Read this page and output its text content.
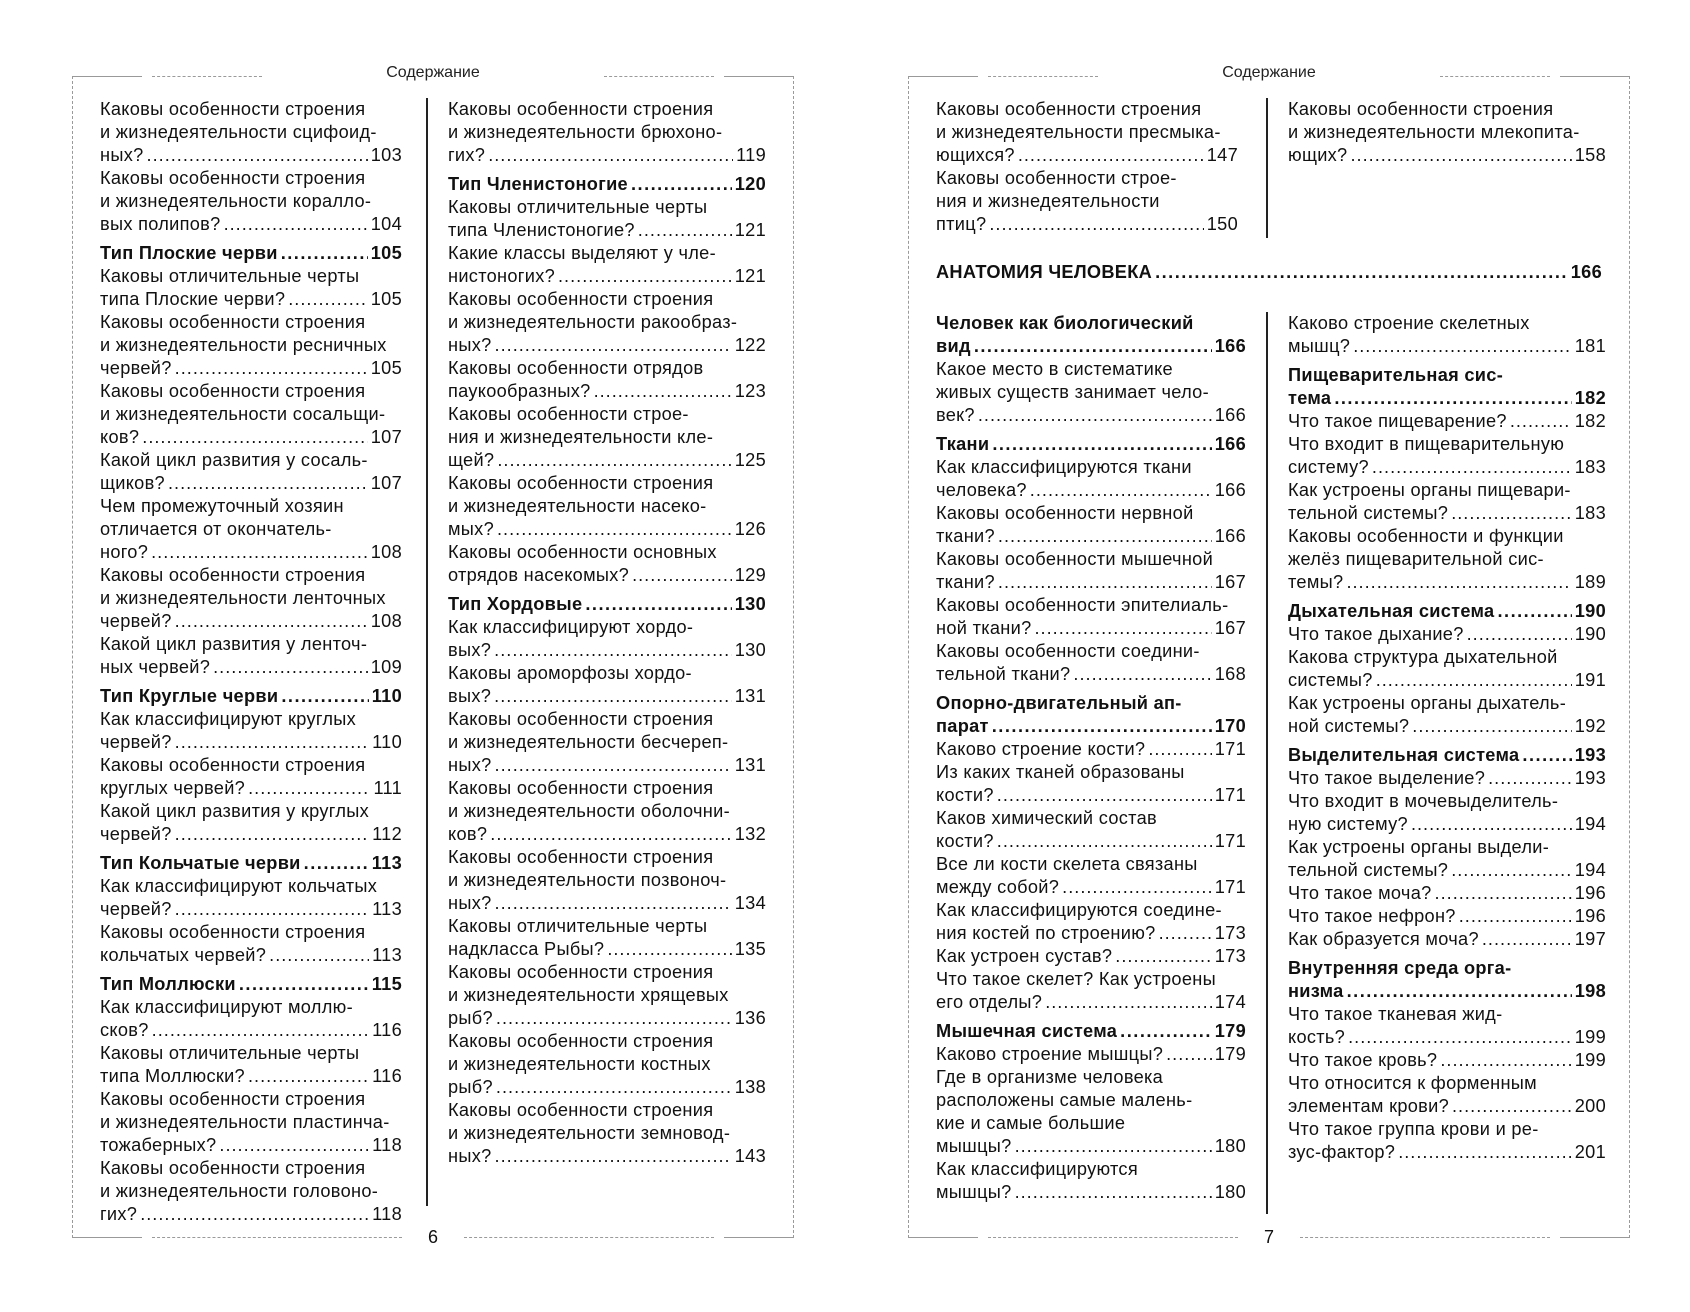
Содержание
6
Каковы особенности строения
и жизнедеятельности сцифоид-
ных? .....	103
Каковы особенности строения
и жизнедеятельности коралло-
вых полипов? .....	104
Тип Плоские черви .....	105
Каковы отличительные черты
типа Плоские черви? .....	105
Каковы особенности строения
и жизнедеятельности ресничных
червей? .....	105
Каковы особенности строения
и жизнедеятельности сосальщи-
ков? .....	107
Какой цикл развития у сосаль-
щиков? .....	107
Чем промежуточный хозяин
отличается от окончатель-
ного? .....	108
Каковы особенности строения
и жизнедеятельности ленточных
червей? .....	108
Какой цикл развития у ленточ-
ных червей? .....	109
Тип Круглые черви .....	110
Как классифицируют круглых
червей? .....	110
Каковы особенности строения
круглых червей? .....	111
Какой цикл развития у круглых
червей? .....	112
Тип Кольчатые черви .....	113
Как классифицируют кольчатых
червей? .....	113
Каковы особенности строения
кольчатых червей? .....	113
Тип Моллюски .....	115
Как классифицируют моллю-
сков? .....	116
Каковы отличительные черты
типа Моллюски? .....	116
Каковы особенности строения
и жизнедеятельности пластинча-
тожаберных? .....	118
Каковы особенности строения
и жизнедеятельности головоно-
гих? .....	118
Каковы особенности строения
и жизнедеятельности брюхоно-
гих? .....	119
Тип Членистоногие .....	120
Каковы отличительные черты
типа Членистоногие? .....	121
Какие классы выделяют у чле-
нистоногих? .....	121
Каковы особенности строения
и жизнедеятельности ракообраз-
ных? .....	122
Каковы особенности отрядов
паукообразных? .....	123
Каковы особенности строе-
ния и жизнедеятельности кле-
щей? .....	125
Каковы особенности строения
и жизнедеятельности насеко-
мых? .....	126
Каковы особенности основных
отрядов насекомых? .....	129
Тип Хордовые .....	130
Как классифицируют хордо-
вых? .....	130
Каковы ароморфозы хордо-
вых? .....	131
Каковы особенности строения
и жизнедеятельности бесчереп-
ных? .....	131
Каковы особенности строения
и жизнедеятельности оболочни-
ков? .....	132
Каковы особенности строения
и жизнедеятельности позвоноч-
ных? .....	134
Каковы отличительные черты
надкласса Рыбы? .....	135
Каковы особенности строения
и жизнедеятельности хрящевых
рыб? .....	136
Каковы особенности строения
и жизнедеятельности костных
рыб? .....	138
Каковы особенности строения
и жизнедеятельности земновод-
ных? .....	143
Содержание
7
Каковы особенности строения
и жизнедеятельности пресмыка-
ющихся? .....	147
Каковы особенности строе-
ния и жизнедеятельности
птиц? .....	150
Каковы особенности строения
и жизнедеятельности млекопита-
ющих? .....	158
АНАТОМИЯ ЧЕЛОВЕКА .....	166
Человек как биологический
вид .....	166
Какое место в систематике
живых существ занимает чело-
век? .....	166
Ткани .....	166
Как классифицируются ткани
человека? .....	166
Каковы особенности нервной
ткани? .....	166
Каковы особенности мышечной
ткани? .....	167
Каковы особенности эпителиаль-
ной ткани? .....	167
Каковы особенности соедини-
тельной ткани? .....	168
Опорно-двигательный ап-
парат .....	170
Каково строение кости? .....	171
Из каких тканей образованы
кости? .....	171
Каков химический состав
кости? .....	171
Все ли кости скелета связаны
между собой? .....	171
Как классифицируются соедине-
ния костей по строению? .....	173
Как устроен сустав? .....	173
Что такое скелет? Как устроены
его отделы? .....	174
Мышечная система .....	179
Каково строение мышцы? .....	179
Где в организме человека
расположены самые малень-
кие и самые большие
мышцы? .....	180
Как классифицируются
мышцы? .....	180
Каково строение скелетных
мышц? .....	181
Пищеварительная сис-
тема .....	182
Что такое пищеварение? .....	182
Что входит в пищеварительную
систему? .....	183
Как устроены органы пищевари-
тельной системы? .....	183
Каковы особенности и функции
желёз пищеварительной сис-
темы? .....	189
Дыхательная система .....	190
Что такое дыхание? .....	190
Какова структура дыхательной
системы? .....	191
Как устроены органы дыхатель-
ной системы? .....	192
Выделительная система .....	193
Что такое выделение? .....	193
Что входит в мочевыделитель-
ную систему? .....	194
Как устроены органы выдели-
тельной системы? .....	194
Что такое моча? .....	196
Что такое нефрон? .....	196
Как образуется моча? .....	197
Внутренняя среда орга-
низма .....	198
Что такое тканевая жид-
кость? .....	199
Что такое кровь? .....	199
Что относится к форменным
элементам крови? .....	200
Что такое группа крови и ре-
зус-фактор? .....	201
